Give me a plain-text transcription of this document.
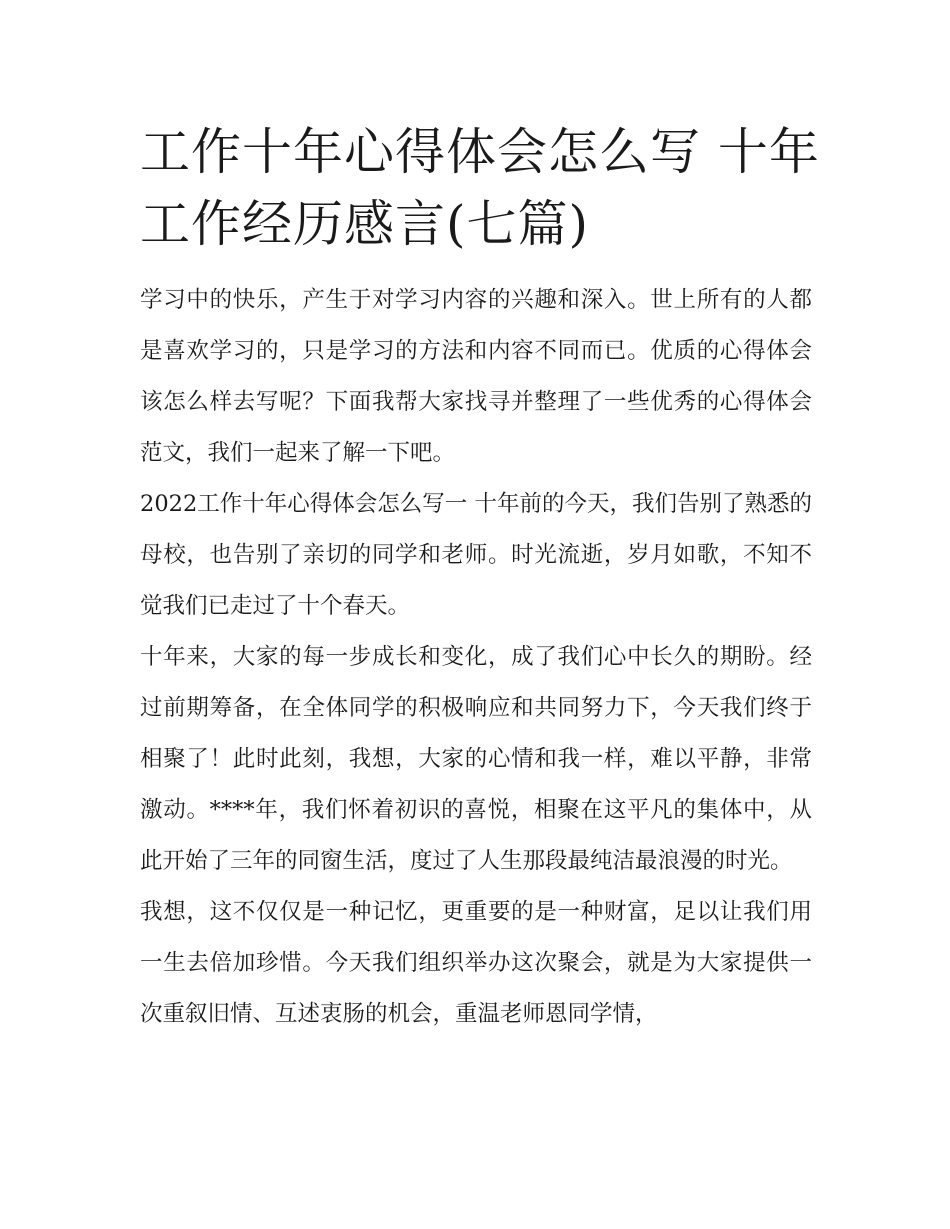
工作十年心得体会怎么写 十年工作经历感言(七篇)

学习中的快乐，产生于对学习内容的兴趣和深入。世上所有的人都是喜欢学习的，只是学习的方法和内容不同而已。优质的心得体会该怎么样去写呢？下面我帮大家找寻并整理了一些优秀的心得体会范文，我们一起来了解一下吧。

2022工作十年心得体会怎么写一 十年前的今天，我们告别了熟悉的母校，也告别了亲切的同学和老师。时光流逝，岁月如歌，不知不觉我们已走过了十个春天。

十年来，大家的每一步成长和变化，成了我们心中长久的期盼。经过前期筹备，在全体同学的积极响应和共同努力下，今天我们终于相聚了！此时此刻，我想，大家的心情和我一样，难以平静，非常激动。****年，我们怀着初识的喜悦，相聚在这平凡的集体中，从此开始了三年的同窗生活，度过了人生那段最纯洁最浪漫的时光。

我想，这不仅仅是一种记忆，更重要的是一种财富，足以让我们用一生去倍加珍惜。今天我们组织举办这次聚会，就是为大家提供一次重叙旧情、互述衷肠的机会，重温老师恩同学情，
